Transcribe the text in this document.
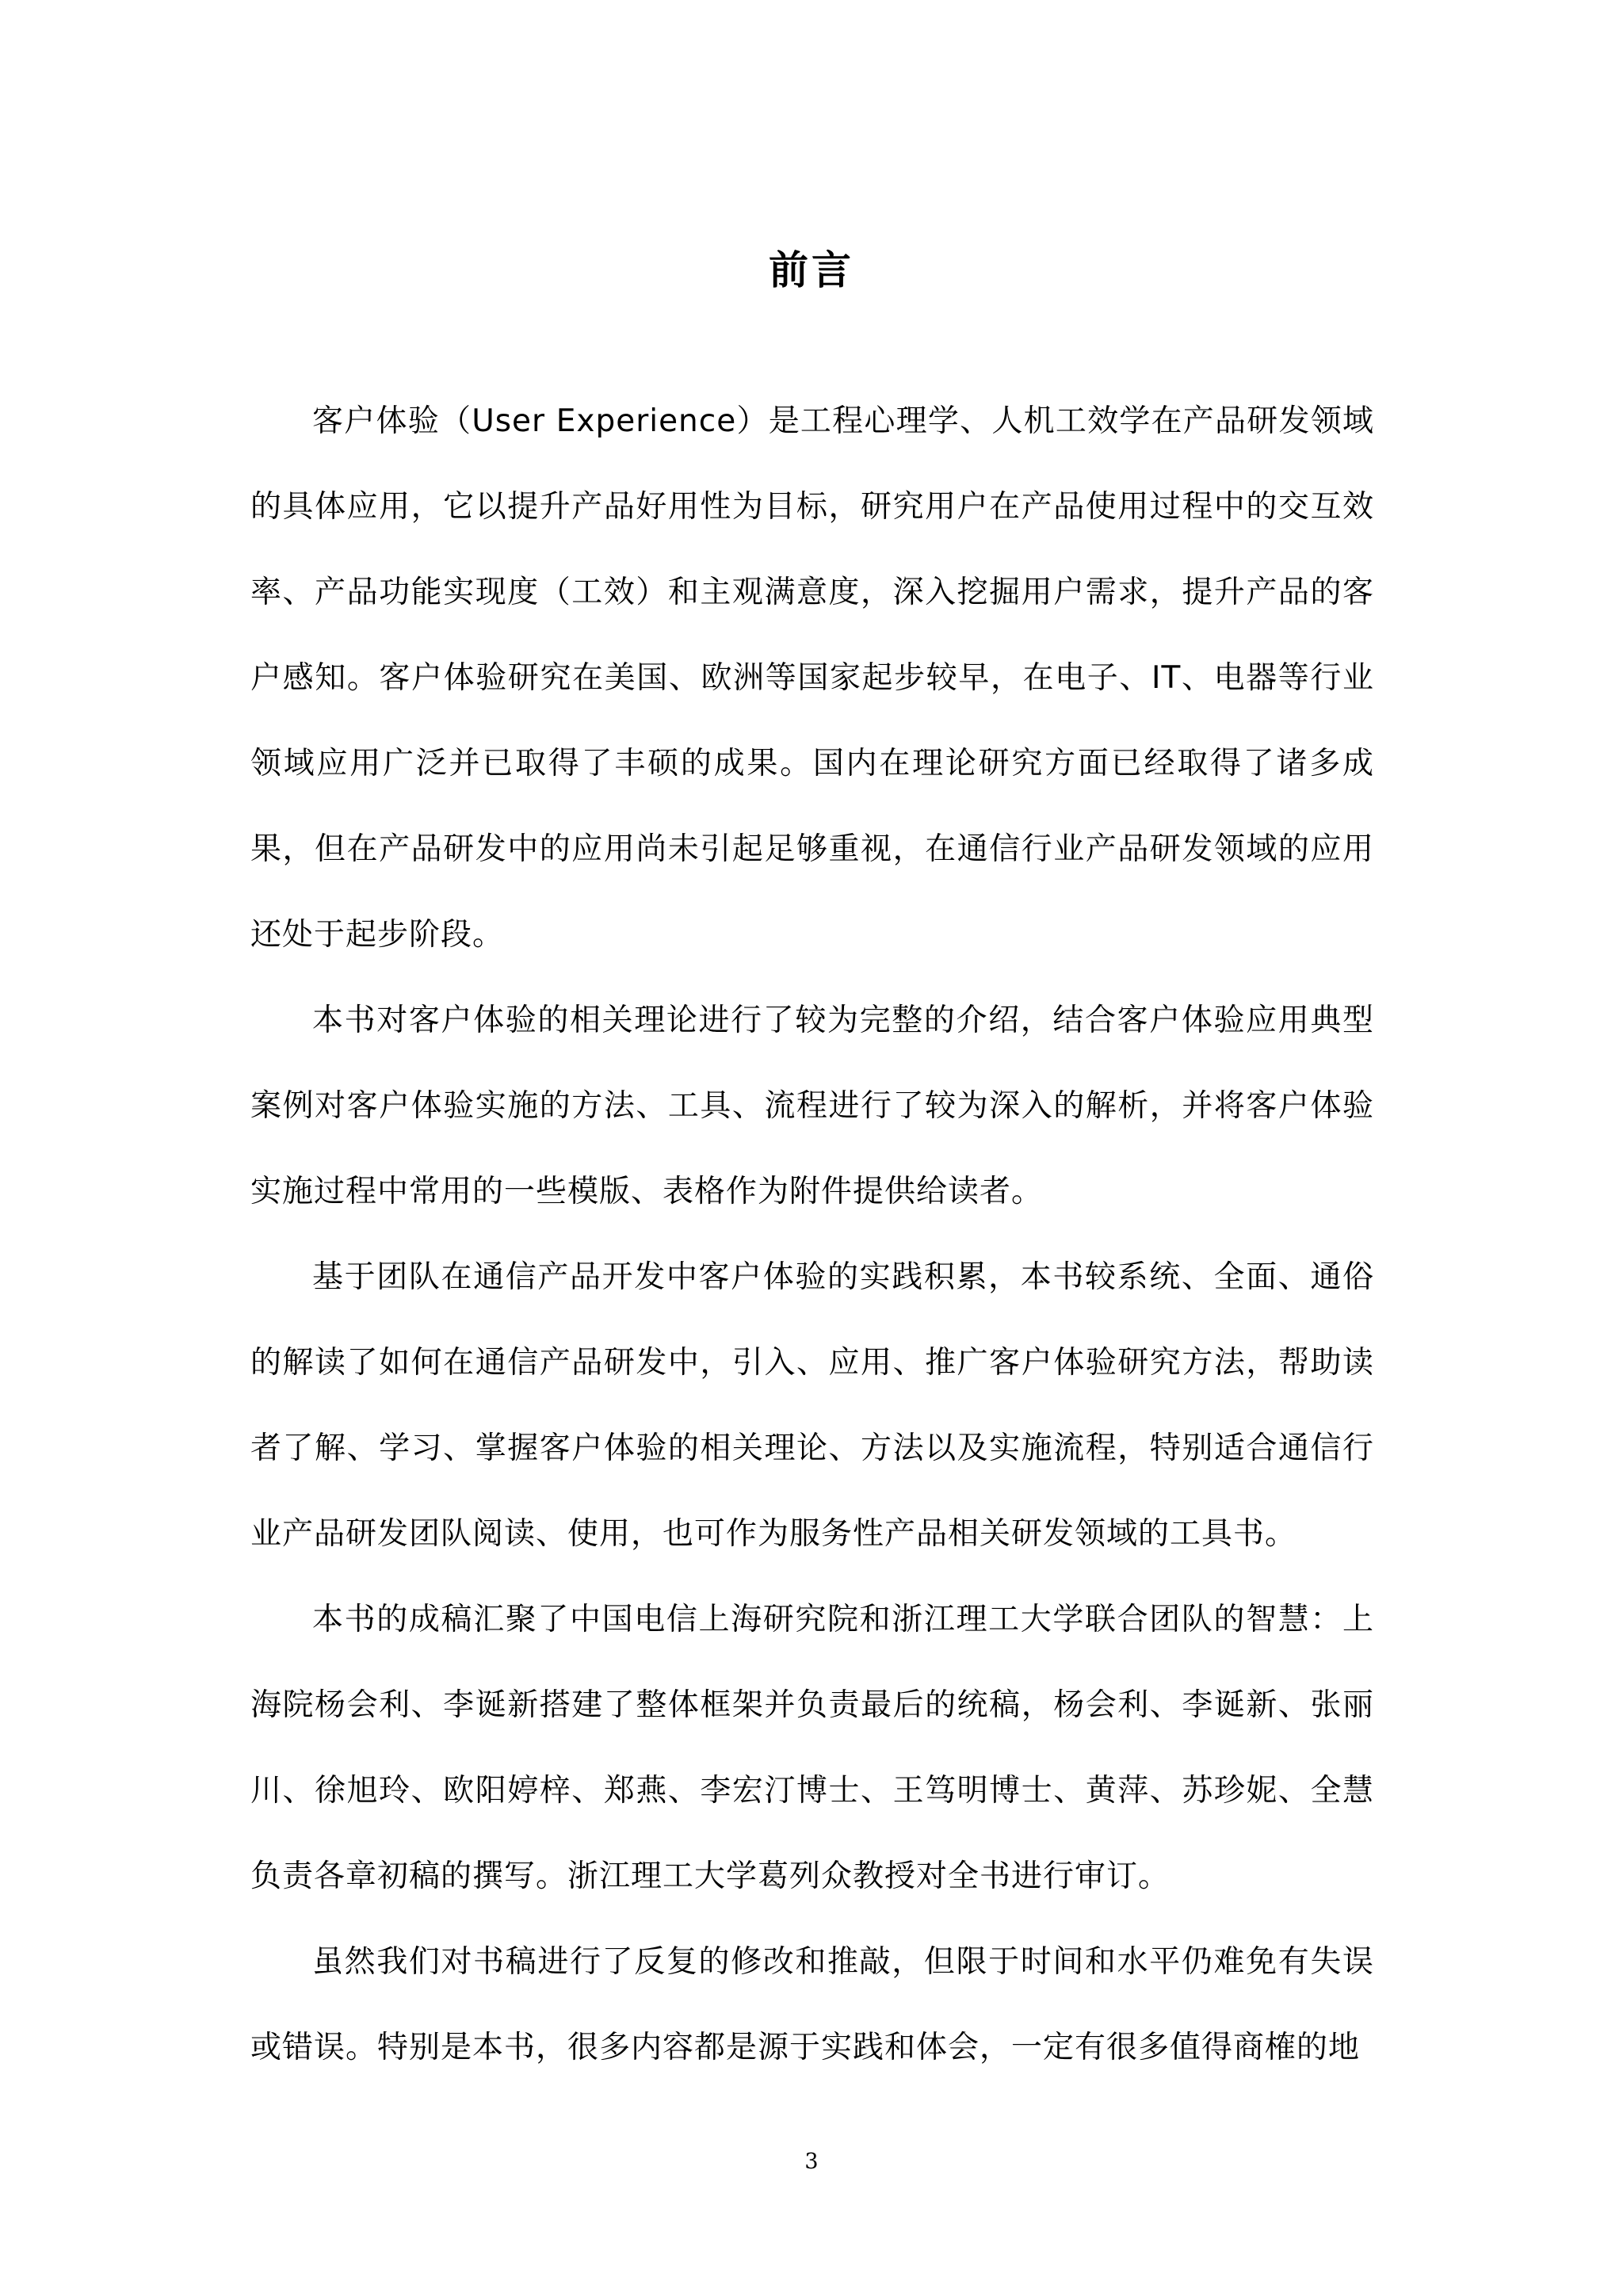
前言

客户体验（User Experience）是工程心理学、人机工效学在产品研发领域的具体应用，它以提升产品好用性为目标，研究用户在产品使用过程中的交互效率、产品功能实现度（工效）和主观满意度，深入挖掘用户需求，提升产品的客户感知。客户体验研究在美国、欧洲等国家起步较早，在电子、IT、电器等行业领域应用广泛并已取得了丰硕的成果。国内在理论研究方面已经取得了诸多成果，但在产品研发中的应用尚未引起足够重视，在通信行业产品研发领域的应用还处于起步阶段。

本书对客户体验的相关理论进行了较为完整的介绍，结合客户体验应用典型案例对客户体验实施的方法、工具、流程进行了较为深入的解析，并将客户体验实施过程中常用的一些模版、表格作为附件提供给读者。

基于团队在通信产品开发中客户体验的实践积累，本书较系统、全面、通俗的解读了如何在通信产品研发中，引入、应用、推广客户体验研究方法，帮助读者了解、学习、掌握客户体验的相关理论、方法以及实施流程，特别适合通信行业产品研发团队阅读、使用，也可作为服务性产品相关研发领域的工具书。

本书的成稿汇聚了中国电信上海研究院和浙江理工大学联合团队的智慧：上海院杨会利、李诞新搭建了整体框架并负责最后的统稿，杨会利、李诞新、张丽川、徐旭玲、欧阳婷梓、郑燕、李宏汀博士、王笃明博士、黄萍、苏珍妮、全慧负责各章初稿的撰写。浙江理工大学葛列众教授对全书进行审订。

虽然我们对书稿进行了反复的修改和推敲，但限于时间和水平仍难免有失误或错误。特别是本书，很多内容都是源于实践和体会，一定有很多值得商榷的地

3
